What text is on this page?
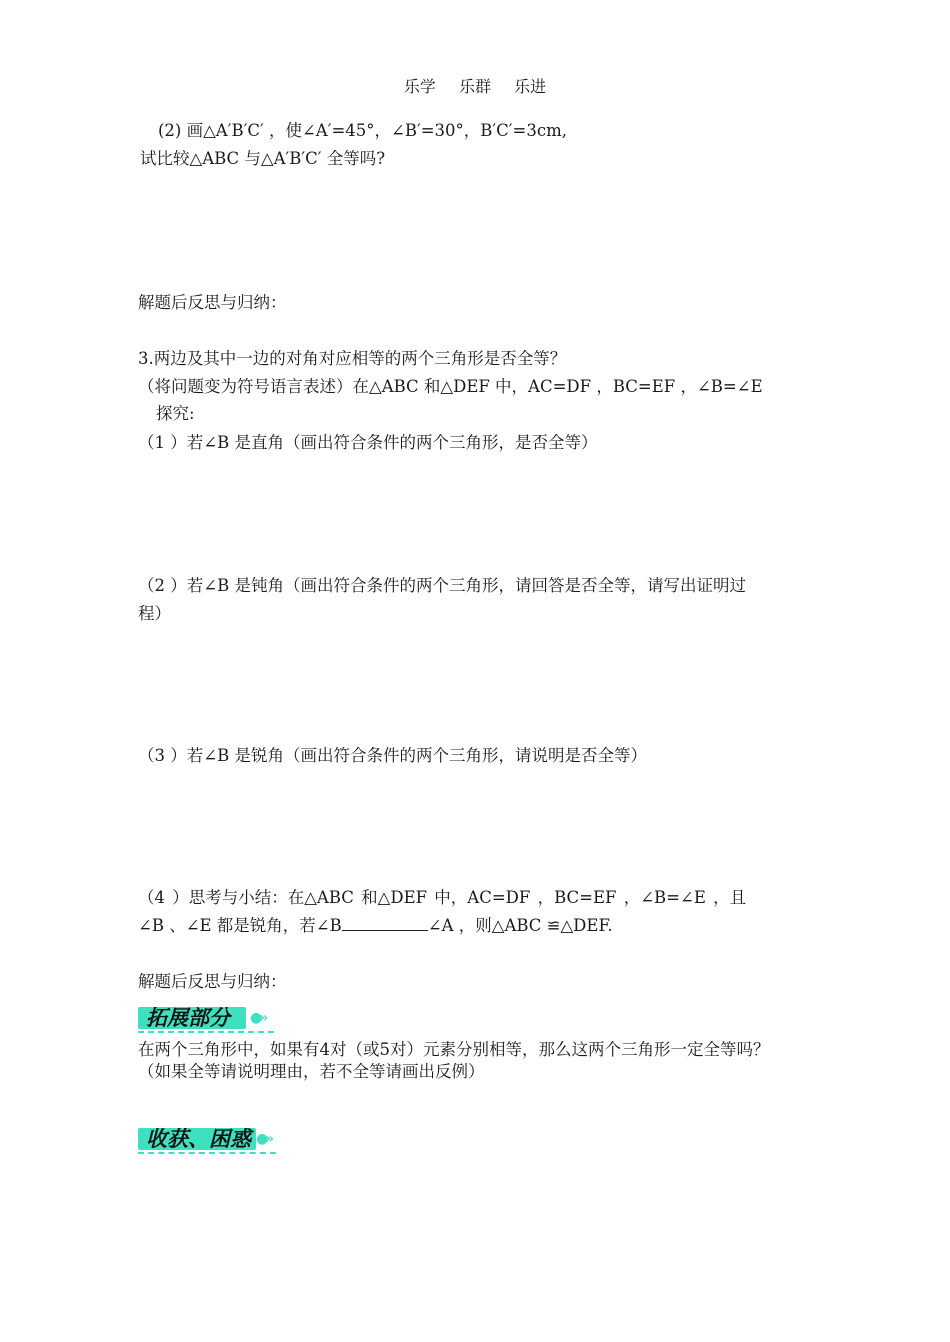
乐学 乐群 乐进
(2) 画△A′B′C′ ，使∠A′=45°，∠B′=30°，B′C′=3cm,
试比较△ABC 与△A′B′C′ 全等吗?
解题后反思与归纳：
3.两边及其中一边的对角对应相等的两个三角形是否全等？
（将问题变为符号语言表述）在△ABC 和△DEF 中，AC=DF ，BC=EF ，∠B=∠E
探究:
（1 ）若∠B 是直角（画出符合条件的两个三角形，是否全等）
（2 ）若∠B 是钝角（画出符合条件的两个三角形，请回答是否全等，请写出证明过
程）
（3 ）若∠B 是锐角（画出符合条件的两个三角形，请说明是否全等）
（4 ）思考与小结：在△ABC 和△DEF 中，AC=DF ，BC=EF ，∠B=∠E ，且
∠B 、∠E 都是锐角，若∠B	∠A ，则△ABC ≌△DEF.
解题后反思与归纳：
拓展部分 ●»
在两个三角形中，如果有4对（或5对）元素分别相等，那么这两个三角形一定全等吗？
（如果全等请说明理由，若不全等请画出反例）
收获、困惑 ●»
